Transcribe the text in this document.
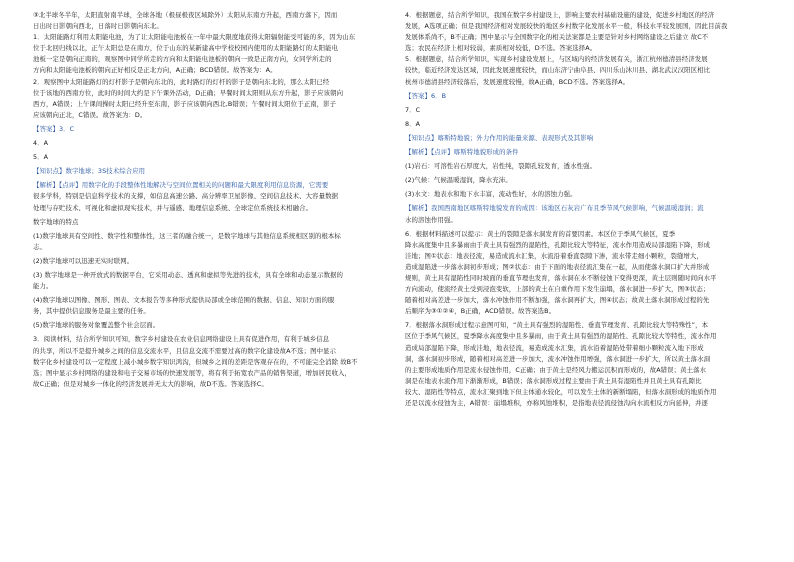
③北半球冬半年，太阳直射南半球，全球各地（极昼极夜区域除外）太阳从东南方升起，西南方落下，因而
日出时日影朝向西北，日落时日影朝向东北。
1．太阳能路灯利用太阳能电池，为了让太阳能电池板在一年中最大限度地获得太阳辐射能受可能的多，因为山东
位于北回归线以北，正午太阳总是在南方，位于山东的某新建高中学校校园内使用的太阳能路灯的太阳能电
池板一定是朝向正南的，观察图中同学所走的方向和太阳能电池板的朝向一致是正南方向，女同学所走的
方向和太阳能电池板的朝向正好相反是正北方向，A正确；BCD错误。故答案为：A。
2．观察图中太阳能路灯的灯杆影子是朝向东北的，此时路灯的灯杆的影子是朝向东北的，那么太阳已经
位于该地的西南方位，此时的时间大约是下午课外活动，D正确；早餐时间太阳则从东方升起，影子应该朝向
西方，A错误；上午课间操时太阳已经升至东南，影子应该朝向西北,B错误；午餐时间太阳位于正南，影子
应该朝向正北，C错误。故答案为：D。
【答案】3．C
4．A
5．A
【知识点】数字地球；3S技术综合应用
【解析】【点评】用数字化的手段整体性地解决与空间位置相关的问题和最大限度利用信息资源，它需要
很多学科，特别是信息科学技术的支撑，如信息高速公路、高分辨率卫星影像、空间信息技术、大容量数据
处理与存贮技术、可视化和虚拟现实技术，并与遥感、地理信息系统、全球定位系统技术相融合。
数字地球的特点
(1)数字地球具有空间性、数字性和整体性，这三者的融合统一，是数字地球与其他信息系统相区别的根本标
志。
(2)数字地球可以迅速无实时联网。
(3) 数字地球是一种开放式的数据平台，它采用动态、透真和虚拟等先进的技术，具有全球和动态显示数据的
能力。
(4)数字地球以图像、图形、图表、文本报告等多种形式提供局部或全球范围的数据、信息、知识方面的服
务，其中提供信息服务是最主要的任务。
(5)数字地球的服务对象覆盖整个社会层面。
3．阅读材料，结合所学知识可知，数字乡村建设在农业信息网络建设上具有促进作用，有利于城乡信息
的共享，所以不是提升城乡之间的信息交流水平，且信息交流不需要过高的数字化建设故A不选；图中显示
数字化乡村建设可以一定程度上减小城乡数字知识鸿沟，但城乡之间的差距是客观存在的，不可能完全消除 故B不
选；图中显示乡村网络的建设和电子交易市场的快速发展等，将有利于拓宽农产品的销售渠道，增加居民收入，
故C正确；但是对城乡一体化的经济发展并无太大的影响，故D不选。答案选择C。
4．根据题意，结合所学知识，我国在数字乡村建设上，影响主要农村基础设施的建设，促进乡村地区的经济
发展，A选项正确；但是我国经济相对发展较快的地区乡村数字化发展水平一般，科技水平较发展国，因此目前我
发展体系尚不，B不正确；图中显示与全国数字化的相关法案都是主要是针对乡村网络建设之后建立 故C不
选；农民在经济上相对较弱，素质相对较低，D不选。答案选择A。
5．根据题意，结合所学知识，实现乡村建设发展上，与区域内的经济发展有关，浙江杭州德清县经济发展
较快，临近经济发达区域，因此发展速度较快，而山东济宁曲阜县、四川乐山沐川县、湖北武汉汉阳区相比
杭州市德清县经济较落后，发展速度较慢，故A正确，BCD不选。答案选择A。
【答案】6．B
7．C
8．A
【知识点】喀斯特地貌；外力作用的能量来源、表现形式及其影响
【解析】【点评】喀斯特地貌形成的条件
(1)岩石：可溶性岩石厚度大，岩性纯，裂隙孔较发育，透水性强。
(2)气候：气候温暖湿润，降水充沛。
(3)水文：地表水和地下水丰富，流动性好，水的溶蚀力强。
【解析】我国西南地区喀斯特地貌发育的成因：该地区石灰岩广布且季节风气候影响，气候温暖湿润；流
水的溶蚀作用强。
6．根据材料描述可以提示：黄土的裂隙是落水洞发育的首要因素。本区位于季风气候区，夏季
降水高度集中且多暴雨由于黄土具有强烈的湿陷性，孔隙比较大等特征，流水作用造成局部湿陷下降，形成
洼地；图①状态：地表径流，易造成流水汇集，水流沿着垂直裂隙下渗，流水带走细小颗粒，裂缝增大，
造成湿陷进一步落水洞初步形成；图②状态：由于下面的地表径流汇集在一起，从而使落水洞口扩大并形成
规则，黄土具有湿陷性同时坡面的垂直节理也发育，落水洞在水不断侵蚀下变得更深，黄土层则随时间向水平
方向流动，使流经黄土受到浸泡变软，上部的黄土在自重作用下发生崩塌，落水洞进一步扩大，图③状态；
随着相对高差进一步加大，落水冲蚀作用不断加强，落水洞再扩大，图④状态；故黄土落水洞形成过程的先
后顺序为③①②④，B正确，ACD错误。故答案选B。
7．根据落水洞形成过程示意图可知，“黄土具有强烈的湿陷性、垂直节理发育、孔隙比较大等特殊性”，本
区位于季风气候区，夏季降水高度集中且多暴雨，由于黄土具有强烈的湿陷性、孔隙比较大等特性，流水作用
造成局部湿陷下降，形成洼地，地表径流，易造成流水汇集，流水沿着湿陷处带着细小颗粒流入地下形成
洞，落水洞初步形成，随着相对高差进一步加大，流水冲蚀作用增强，落水洞进一步扩大，所以黄土落水洞
的主要形成地质作用是流水侵蚀作用，C正确；由于黄土是经风力搬运沉积而形成的，故A错误；黄土落水
洞是在地表水流作用下渐渐形成，B错误；落水洞形成过程主要由于黄土具有湿陷性并且黄土具有孔隙比
较大、湿陷性等特点，流水汇聚到地下但主体通水较化，可以发生土体的新断塌陷，但落水洞形成的地质作用
还是以流水侵蚀为主，A错误：崩塌堆积，亦称风蚀堆积，是指地表径流侵蚀沟向水流相反方向延伸，并逐
